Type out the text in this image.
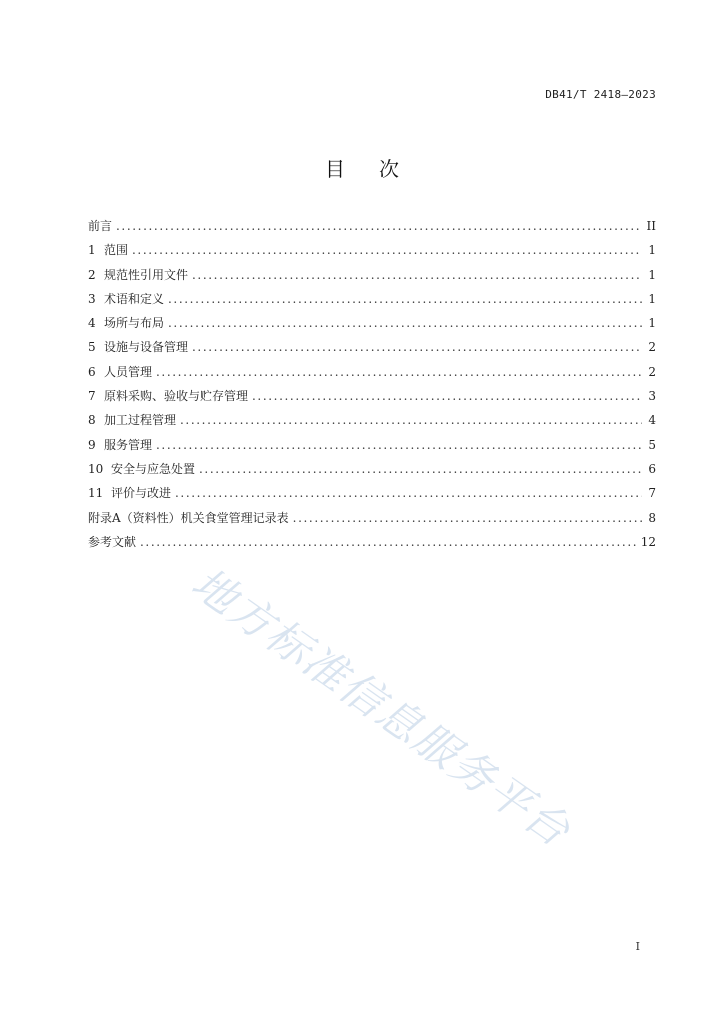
DB41/T 2418—2023
目 次
前言 .....	II
1 范围 .....	1
2 规范性引用文件 .....	1
3 术语和定义 .....	1
4 场所与布局 .....	1
5 设施与设备管理 .....	2
6 人员管理 .....	2
7 原料采购、验收与贮存管理 .....	3
8 加工过程管理 .....	4
9 服务管理 .....	5
10 安全与应急处置 .....	6
11 评价与改进 .....	7
附录A（资料性）机关食堂管理记录表 .....	8
参考文献 .....	12
地方标准信息服务平台
I
